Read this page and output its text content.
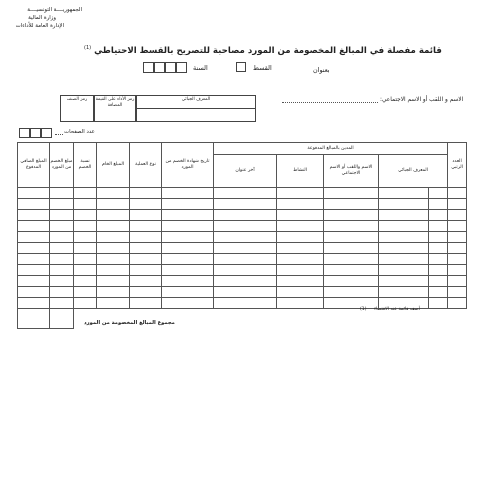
الجمهوريــــة التونسيــــة
وزارة المالية
الإدارة العامة للأداءات
قائمة مفصلة في المبالغ المخصومة من المورد مصاحبة للتصريح بالقسط الاحتياطي $^{(1)}$
بعنوان
القسط
السنة
رمز الصنف	رمز الأداء على القيمة المضافة
المعرف الجبائي	الاسم و اللقب أو الاسم الاجتماعي:
عدد الصفحات
المبلغ الصافي المدفوع	مبلغ الخصم من المورد	نسبة الخصم	المبلغ الخام	نوع العملية	تاريخ شهادة الخصم من المورد	المدين بالمبالغ المدفوعة					العدد الرتبي
						آخر عنوان	النشاط	الاسم واللقب أو الاسم الاجتماعي	المعرف الجبائي		

		مجموع المبالغ المخصومة من المورد									
أضف قائمة عند الاقتضاء (1)
